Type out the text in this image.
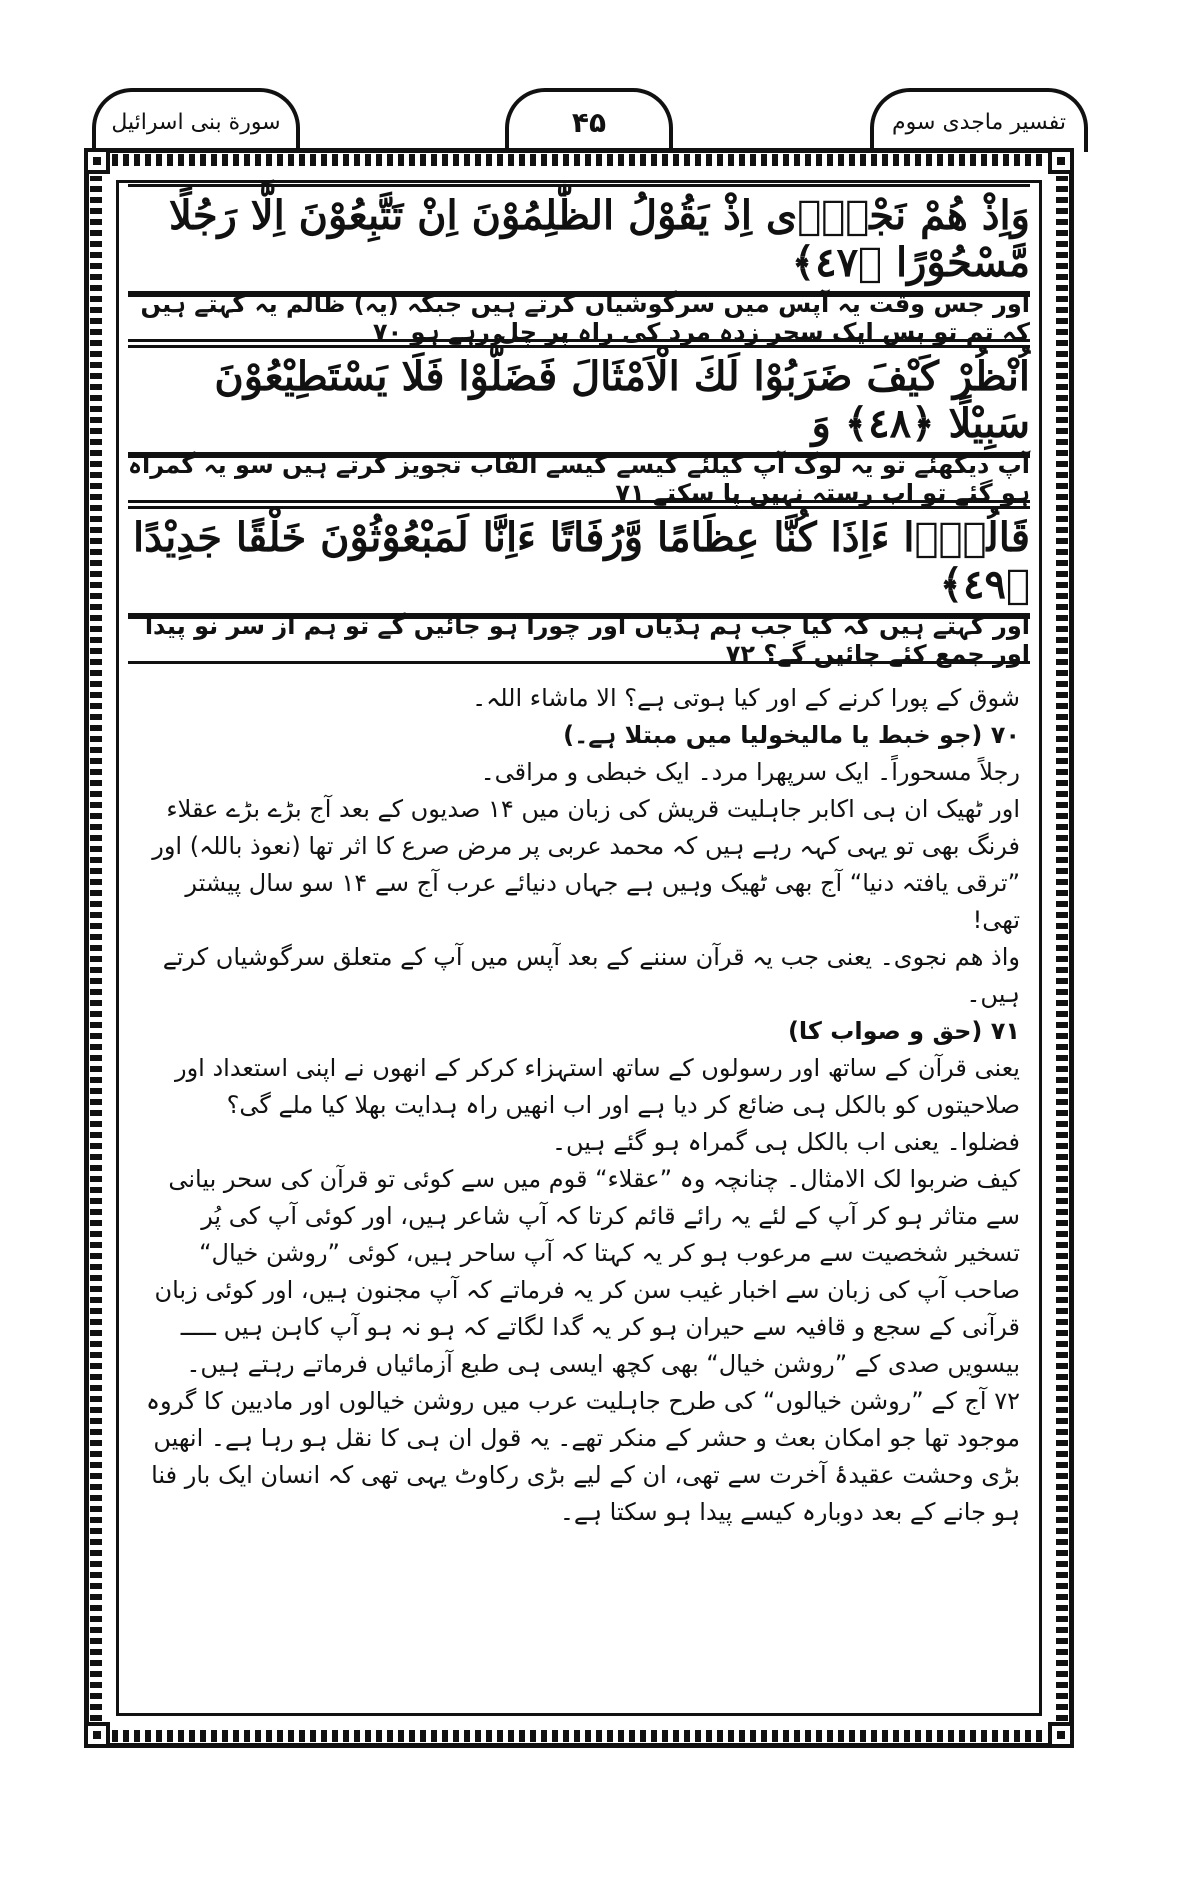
سورة بنی اسرائیل	۴۵	تفسیر ماجدی سوم
وَاِذْ هُمْ نَجْوٰۤى اِذْ يَقُوْلُ الظّٰلِمُوْنَ اِنْ تَتَّبِعُوْنَ اِلَّا رَجُلًا مَّسْحُوْرًا ﴿٤٧﴾
اور جس وقت یہ آپس میں سرگوشیاں کرتے ہیں جبکہ (یہ) ظالم یہ کہتے ہیں کہ تم تو بس ایک سحر زدہ مرد کی راہ پر چل رہے ہو ۷۰
اُنْظُرْ كَيْفَ ضَرَبُوْا لَكَ الْاَمْثَالَ فَضَلُّوْا فَلَا يَسْتَطِيْعُوْنَ سَبِيْلًا ﴿٤٨﴾ وَ
آپ دیکھئے تو یہ لوگ آپ کیلئے کیسے کیسے القاب تجویز کرتے ہیں سو یہ گمراہ ہو گئے تو اب رستہ نہیں پا سکتے ۷۱
قَالُوْۤا ءَاِذَا كُنَّا عِظَامًا وَّرُفَاتًا ءَاِنَّا لَمَبْعُوْثُوْنَ خَلْقًا جَدِيْدًا ﴿٤٩﴾
اور کہتے ہیں کہ کیا جب ہم ہڈیاں اور چورا ہو جائیں گے تو ہم از سر نو پیدا اور جمع کئے جائیں گے؟ ۷۲

شوق کے پورا کرنے کے اور کیا ہوتی ہے؟ الا ماشاء اللہ۔

۷۰ (جو خبط یا مالیخولیا میں مبتلا ہے۔)

رجلاً مسحوراً۔ ایک سرپھرا مرد۔ ایک خبطی و مراقی۔

اور ٹھیک ان ہی اکابر جاہلیت قریش کی زبان میں ۱۴ صدیوں کے بعد آج بڑے بڑے عقلاء فرنگ بھی تو یہی کہہ رہے ہیں کہ محمد عربی پر مرض صرع کا اثر تھا (نعوذ باللہ) اور ”ترقی یافتہ دنیا“ آج بھی ٹھیک وہیں ہے جہاں دنیائے عرب آج سے ۱۴ سو سال پیشتر تھی!

واذ ھم نجوی۔ یعنی جب یہ قرآن سننے کے بعد آپس میں آپ کے متعلق سرگوشیاں کرتے ہیں۔

۷۱ (حق و صواب کا)

یعنی قرآن کے ساتھ اور رسولوں کے ساتھ استہزاء کرکر کے انھوں نے اپنی استعداد اور صلاحیتوں کو بالکل ہی ضائع کر دیا ہے اور اب انھیں راہ ہدایت بھلا کیا ملے گی؟

فضلوا۔ یعنی اب بالکل ہی گمراہ ہو گئے ہیں۔

کیف ضربوا لک الامثال۔ چنانچہ وہ ”عقلاء“ قوم میں سے کوئی تو قرآن کی سحر بیانی سے متاثر ہو کر آپ کے لئے یہ رائے قائم کرتا کہ آپ شاعر ہیں، اور کوئی آپ کی پُر تسخیر شخصیت سے مرعوب ہو کر یہ کہتا کہ آپ ساحر ہیں، کوئی ”روشن خیال“ صاحب آپ کی زبان سے اخبار غیب سن کر یہ فرماتے کہ آپ مجنون ہیں، اور کوئی زبان قرآنی کے سجع و قافیہ سے حیران ہو کر یہ گدا لگاتے کہ ہو نہ ہو آپ کاہن ہیں ـــــ بیسویں صدی کے ”روشن خیال“ بھی کچھ ایسی ہی طبع آزمائیاں فرماتے رہتے ہیں۔

۷۲ آج کے ”روشن خیالوں“ کی طرح جاہلیت عرب میں روشن خیالوں اور مادیین کا گروہ موجود تھا جو امکان بعث و حشر کے منکر تھے۔ یہ قول ان ہی کا نقل ہو رہا ہے۔ انھیں بڑی وحشت عقیدۂ آخرت سے تھی، ان کے لیے بڑی رکاوٹ یہی تھی کہ انسان ایک بار فنا ہو جانے کے بعد دوبارہ کیسے پیدا ہو سکتا ہے۔
